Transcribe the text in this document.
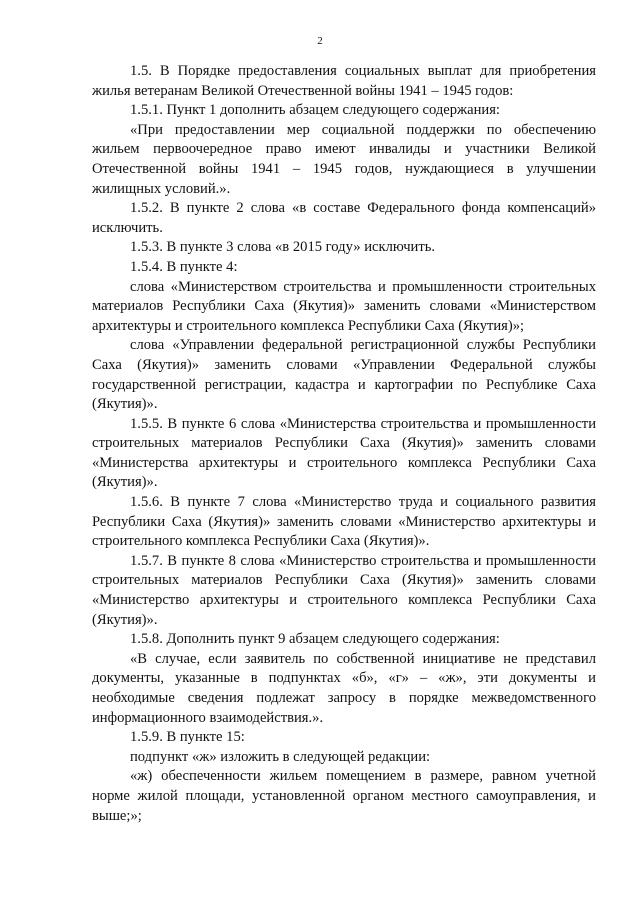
2

1.5. В Порядке предоставления социальных выплат для приобретения жилья ветеранам Великой Отечественной войны 1941 – 1945 годов:

1.5.1. Пункт 1 дополнить абзацем следующего содержания:

«При предоставлении мер социальной поддержки по обеспечению жильем первоочередное право имеют инвалиды и участники Великой Отечественной войны 1941 – 1945 годов, нуждающиеся в улучшении жилищных условий.».

1.5.2. В пункте 2 слова «в составе Федерального фонда компенсаций» исключить.

1.5.3. В пункте 3 слова «в 2015 году» исключить.

1.5.4. В пункте 4:

слова «Министерством строительства и промышленности строительных материалов Республики Саха (Якутия)» заменить словами «Министерством архитектуры и строительного комплекса Республики Саха (Якутия)»;

слова «Управлении федеральной регистрационной службы Республики Саха (Якутия)» заменить словами «Управлении Федеральной службы государственной регистрации, кадастра и картографии по Республике Саха (Якутия)».

1.5.5. В пункте 6 слова «Министерства строительства и промышленности строительных материалов Республики Саха (Якутия)» заменить словами «Министерства архитектуры и строительного комплекса Республики Саха (Якутия)».

1.5.6. В пункте 7 слова «Министерство труда и социального развития Республики Саха (Якутия)» заменить словами «Министерство архитектуры и строительного комплекса Республики Саха (Якутия)».

1.5.7. В пункте 8 слова «Министерство строительства и промышленности строительных материалов Республики Саха (Якутия)» заменить словами «Министерство архитектуры и строительного комплекса Республики Саха (Якутия)».

1.5.8. Дополнить пункт 9 абзацем следующего содержания:

«В случае, если заявитель по собственной инициативе не представил документы, указанные в подпунктах «б», «г» – «ж», эти документы и необходимые сведения подлежат запросу в порядке межведомственного информационного взаимодействия.».

1.5.9. В пункте 15:

подпункт «ж» изложить в следующей редакции:

«ж) обеспеченности жильем помещением в размере, равном учетной норме жилой площади, установленной органом местного самоуправления, и выше;»;
